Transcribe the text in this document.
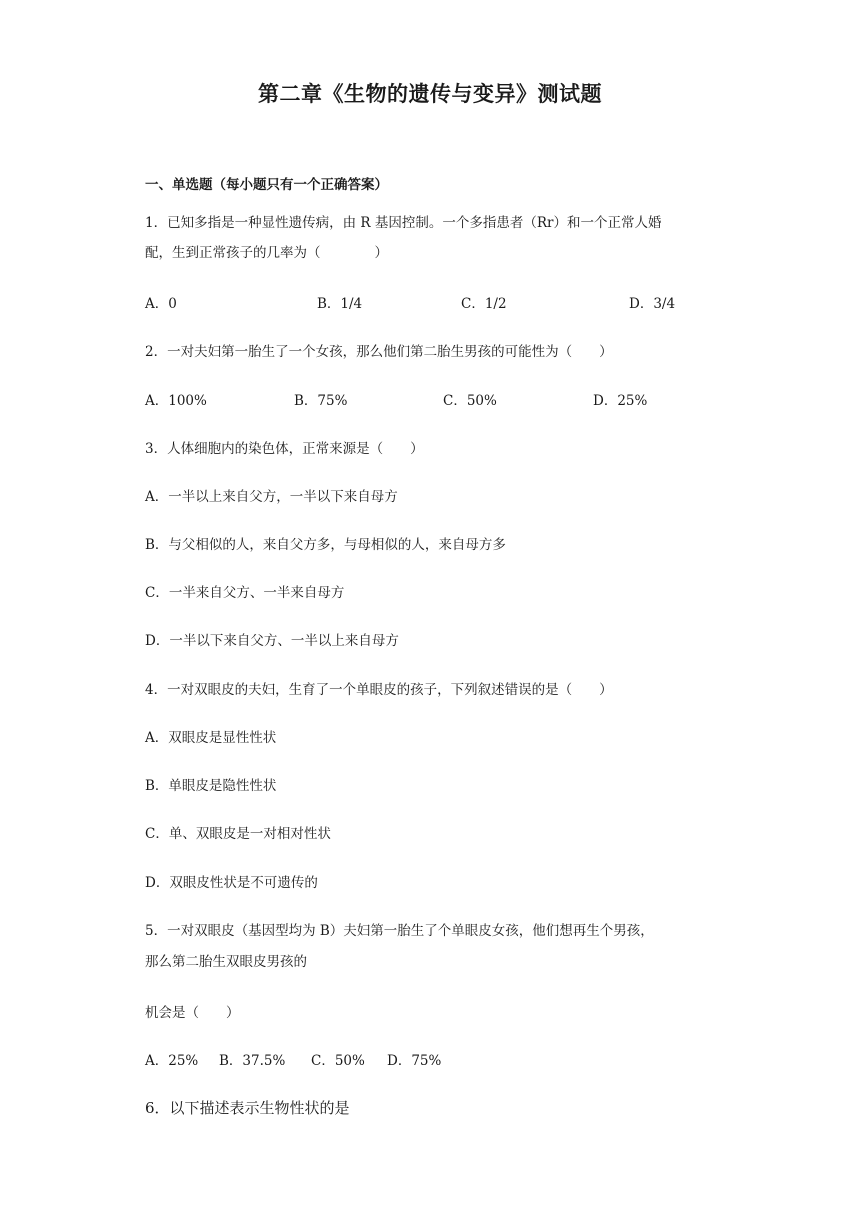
第二章《生物的遗传与变异》测试题
一、单选题（每小题只有一个正确答案）
1．已知多指是一种显性遗传病，由 R 基因控制。一个多指患者（Rr）和一个正常人婚
配，生到正常孩子的几率为（　　　　）
A．0	B．1/4	C．1/2	D．3/4
2．一对夫妇第一胎生了一个女孩，那么他们第二胎生男孩的可能性为（　　）
A．100%	B．75%	C．50%	D．25%
3．人体细胞内的染色体，正常来源是（　　）
A．一半以上来自父方，一半以下来自母方
B．与父相似的人，来自父方多，与母相似的人，来自母方多
C．一半来自父方、一半来自母方
D．一半以下来自父方、一半以上来自母方
4．一对双眼皮的夫妇，生育了一个单眼皮的孩子，下列叙述错误的是（　　）
A．双眼皮是显性性状
B．单眼皮是隐性性状
C．单、双眼皮是一对相对性状
D．双眼皮性状是不可遗传的
5．一对双眼皮（基因型均为 B）夫妇第一胎生了个单眼皮女孩，他们想再生个男孩，
那么第二胎生双眼皮男孩的
机会是（　　）
A．25% B．37.5% C．50% D．75%
6．以下描述表示生物性状的是
